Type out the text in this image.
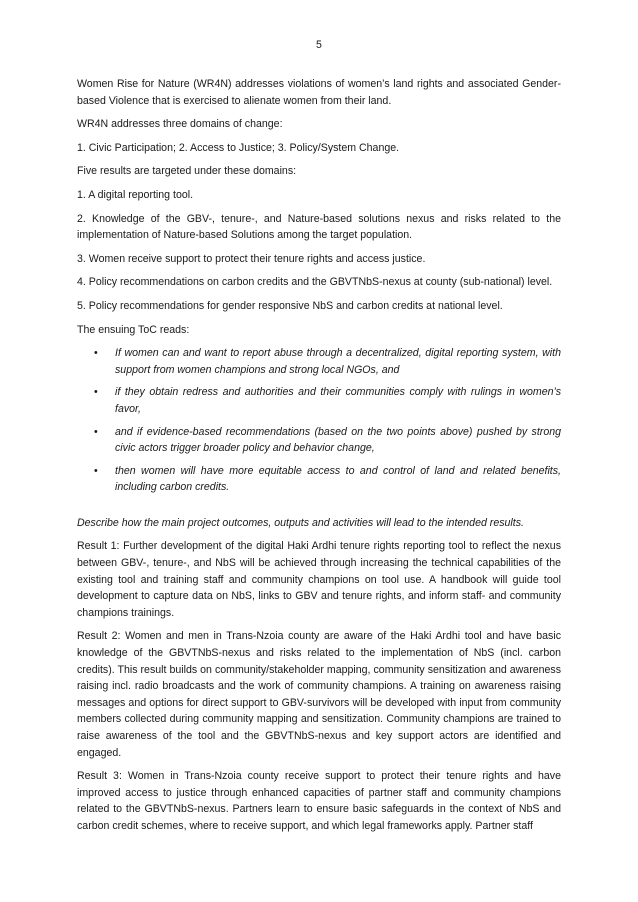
5

Women Rise for Nature (WR4N) addresses violations of women’s land rights and associated Gender-based Violence that is exercised to alienate women from their land.

WR4N addresses three domains of change:

1. Civic Participation; 2. Access to Justice; 3. Policy/System Change.

Five results are targeted under these domains:

1. A digital reporting tool.

2. Knowledge of the GBV-, tenure-, and Nature-based solutions nexus and risks related to the implementation of Nature-based Solutions among the target population.

3. Women receive support to protect their tenure rights and access justice.

4. Policy recommendations on carbon credits and the GBVTNbS-nexus at county (sub-national) level.

5. Policy recommendations for gender responsive NbS and carbon credits at national level.

The ensuing ToC reads:

• If women can and want to report abuse through a decentralized, digital reporting system, with support from women champions and strong local NGOs, and
• if they obtain redress and authorities and their communities comply with rulings in women’s favor,
• and if evidence-based recommendations (based on the two points above) pushed by strong civic actors trigger broader policy and behavior change,
• then women will have more equitable access to and control of land and related benefits, including carbon credits.

Describe how the main project outcomes, outputs and activities will lead to the intended results.

Result 1: Further development of the digital Haki Ardhi tenure rights reporting tool to reflect the nexus between GBV-, tenure-, and NbS will be achieved through increasing the technical capabilities of the existing tool and training staff and community champions on tool use. A handbook will guide tool development to capture data on NbS, links to GBV and tenure rights, and inform staff- and community champions trainings.

Result 2: Women and men in Trans-Nzoia county are aware of the Haki Ardhi tool and have basic knowledge of the GBVTNbS-nexus and risks related to the implementation of NbS (incl. carbon credits). This result builds on community/stakeholder mapping, community sensitization and awareness raising incl. radio broadcasts and the work of community champions. A training on awareness raising messages and options for direct support to GBV-survivors will be developed with input from community members collected during community mapping and sensitization. Community champions are trained to raise awareness of the tool and the GBVTNbS-nexus and key support actors are identified and engaged.

Result 3: Women in Trans-Nzoia county receive support to protect their tenure rights and have improved access to justice through enhanced capacities of partner staff and community champions related to the GBVTNbS-nexus. Partners learn to ensure basic safeguards in the context of NbS and carbon credit schemes, where to receive support, and which legal frameworks apply. Partner staff
